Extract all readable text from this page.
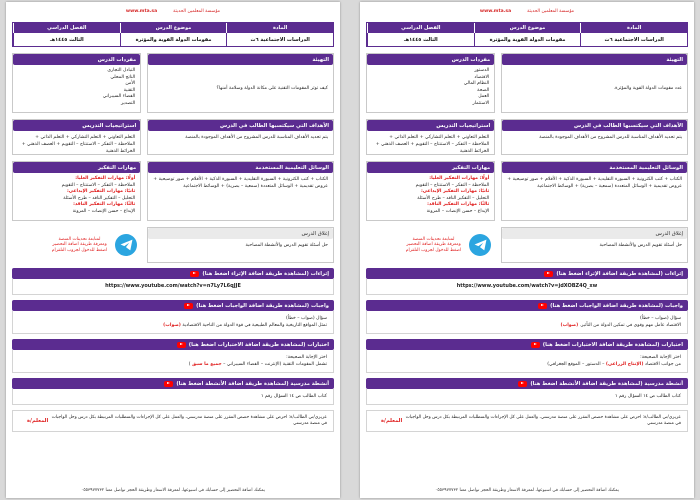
مؤسسة المعلمين الحديثة
www.mta.sa
المادة
موضوع الدرس
الفصل الدراسي
الدراسات الاجتماعية ٦ث
مقومات الدولة القوية والمؤثرة
الثالث ١٤٤٥هـ
التهيئة
كيف توثر المقومات التقنية على مكانة الدولة وسلامة أمنها؟
مفردات الدرس
التبادل التجاري
الناتج المحلي
الأمن
التقنية
الفضاء السيبراني
التصدير
الأهداف التي سيكتسبها الطالب في الدرس
يتم تحديد الأهداف المناسبة للدرس المشروح من الأهداف الموجودة بالمنصة
استراتيجيات التدريس
التعلم التعاوني + التعلم التشاركي + التعلم الذاتي + الملاحظة – التفكر – الاستنتاج – التقويم + العصف الذهني + الخرائط الذهنية
الوسائل التعليمية المستخدمة
الكتاب + كتب الكترونية + السبورة التقليدية + السبورة الذكية + الأقلام + صور توضيحية + عروض تقديمية + الوسائل المتعددة (سمعية – بصرية) + الوسائط الاجتماعية
مهارات التفكير
أولًا: مهارات التفكير العليا:
الملاحظة – التفكر – الاستنتاج – التقويم
ثانيًا: مهارات التفكير الإبداعي:
التحليل – التفكير الناقد – طرح الأسئلة
ثالثًا: مهارات التفكير الناقد:
الإبداع – حسن الإنصات – المرونة
إغلاق الدرس
حل أسئلة تقويم الدرس والأنشطة المصاحبة
لمتابعة تحديثات المنصة
ومعرفة طريقة اضافة التحضير
اضغط للدخول لجروب التلقرام
إثراءات (لمشاهدة طريقة اضافة الإثراء اضغط هنا)
https://www.youtube.com/watch?v=n7Ly7L6qJJE
واجبات (لمشاهدة طريقة اضافة الواجبات اضغط هنا)
سؤال (صواب – خطأ)
تمثل المواقع التاريخية والمعالم الطبيعية في قوة الدولة من الناحية الاقتصادية (صواب)
اختبارات (لمشاهدة طريقة اضافة الاختبارات اضغط هنا)
اختر الإجابة الصحيحة:
تشمل المقومات التقنية (الإنترنت – الفضاء السيبراني – جميع ما سبق )
أنشطة مدرسية (لمشاهدة طريقة اضافة الأنشطة اضغط هنا)
كتاب الطالب ص ١٤ السؤال رقم ١
عزيزي/تي الطالب/ة: احرص على مشاهدة حصص المقرر على منصة مدرستي، والعمل على كل الإجراءات والمتطلبات المرتبطة بكل درس وحل الواجبات في منصة مدرستي
المعلم/ة
يمكنك اضافة التحضير إلى حسابك في اسبوعها، لمعرفة الاسعار وطريقة الحجز تواصل معنا ٠٥٥٣٩٧٧٧٣٢
مؤسسة المعلمين الحديثة
www.mta.sa
المادة
موضوع الدرس
الفصل الدراسي
الدراسات الاجتماعية ٦ث
مقومات الدولة القوية والمؤثرة
الثالث ١٤٤٥هـ
التهيئة
عدد مقومات الدولة القوية والمؤثرة.
مفردات الدرس
الدستور
الاقتصاد
النظام المالي
الصحة
العمل
الاستثمار
الأهداف التي سيكتسبها الطالب في الدرس
يتم تحديد الأهداف المناسبة للدرس المشروح من الأهداف الموجودة بالمنصة
استراتيجيات التدريس
التعلم التعاوني + التعلم التشاركي + التعلم الذاتي + الملاحظة – التفكر – الاستنتاج – التقويم + العصف الذهني + الخرائط الذهنية
الوسائل التعليمية المستخدمة
الكتاب + كتب الكترونية + السبورة التقليدية + السبورة الذكية + الأقلام + صور توضيحية + عروض تقديمية + الوسائل المتعددة (سمعية – بصرية) + الوسائط الاجتماعية
مهارات التفكير
أولًا: مهارات التفكير العليا:
الملاحظة – التفكر – الاستنتاج – التقويم
ثانيًا: مهارات التفكير الإبداعي:
التحليل – التفكير الناقد – طرح الأسئلة
ثالثًا: مهارات التفكير الناقد:
الإبداع – حسن الإنصات – المرونة
إغلاق الدرس
حل أسئلة تقويم الدرس والأنشطة المصاحبة
لمتابعة تحديثات المنصة
ومعرفة طريقة اضافة التحضير
اضغط للدخول لجروب التلقرام
إثراءات (لمشاهدة طريقة اضافة الإثراء اضغط هنا)
https://www.youtube.com/watch?v=jdXOBZ4Q_xw
واجبات (لمشاهدة طريقة اضافة الواجبات اضغط هنا)
سؤال (صواب – خطأ)
الاقتصاد عامل مهم وقوي في تمكين الدولة من التأثير. (صواب)
اختبارات (لمشاهدة طريقة اضافة الاختبارات اضغط هنا)
اختر الإجابة الصحيحة:
من جوانب الاقتصاد (الإنتاج الزراعي) – الدستور – الموقع الجغرافي)
أنشطة مدرسية (لمشاهدة طريقة اضافة الأنشطة اضغط هنا)
كتاب الطالب ص ١٤ السؤال رقم ١
عزيزي/تي الطالب/ة: احرص على مشاهدة حصص المقرر على منصة مدرستي، والعمل على كل الإجراءات والمتطلبات المرتبطة بكل درس وحل الواجبات في منصة مدرستي
المعلم/ة
يمكنك اضافة التحضير إلى حسابك في اسبوعها، لمعرفة الاسعار وطريقة الحجز تواصل معنا ٠٥٥٣٩٧٧٧٣٢
